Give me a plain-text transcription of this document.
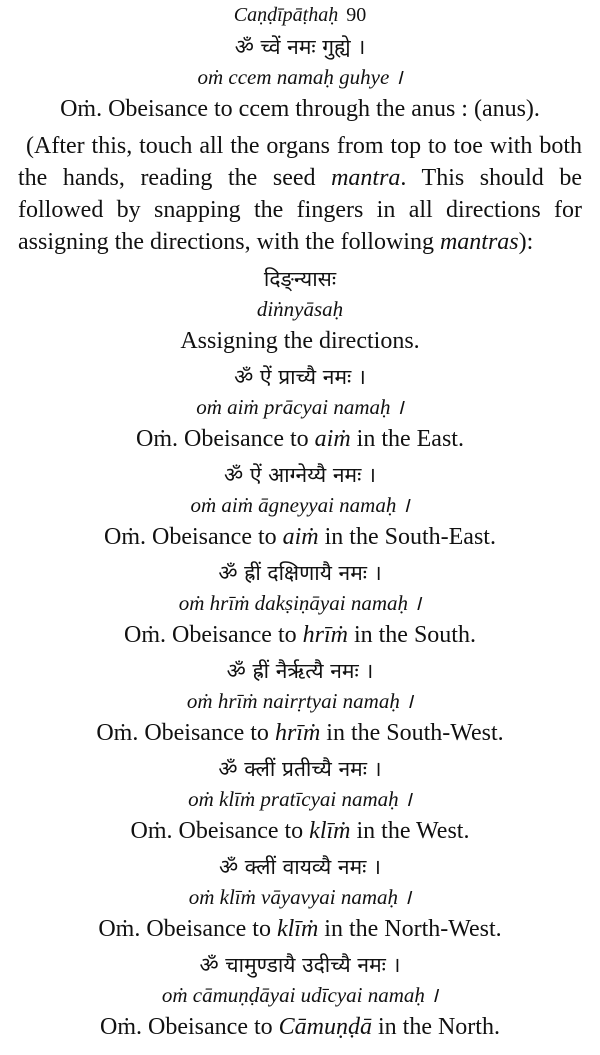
Caṇḍīpāṭhaḥ 90
ॐ च्वें नमः गुह्ये ।
oṁ ccem namaḥ guhye ।
Oṁ. Obeisance to ccem through the anus : (anus).
(After this, touch all the organs from top to toe with both the hands, reading the seed mantra. This should be followed by snapping the fingers in all directions for assigning the directions, with the following mantras):
दिङ्न्यासः
diṅnyāsaḥ
Assigning the directions.
ॐ ऐं प्राच्यै नमः ।
oṁ aiṁ prācyai namaḥ ।
Oṁ. Obeisance to aiṁ in the East.
ॐ ऐं आग्नेय्यै नमः ।
oṁ aiṁ āgneyyai namaḥ ।
Oṁ. Obeisance to aiṁ in the South-East.
ॐ ह्रीं दक्षिणायै नमः ।
oṁ hrīṁ dakṣiṇāyai namaḥ ।
Oṁ. Obeisance to hrīṁ in the South.
ॐ ह्रीं नैर्ऋत्यै नमः ।
oṁ hrīṁ nairṛtyai namaḥ ।
Oṁ. Obeisance to hrīṁ in the South-West.
ॐ क्लीं प्रतीच्यै नमः ।
oṁ klīṁ pratīcyai namaḥ ।
Oṁ. Obeisance to klīṁ in the West.
ॐ क्लीं वायव्यै नमः ।
oṁ klīṁ vāyavyai namaḥ ।
Oṁ. Obeisance to klīṁ in the North-West.
ॐ चामुण्डायै उदीच्यै नमः ।
oṁ cāmuṇḍāyai udīcyai namaḥ ।
Oṁ. Obeisance to Cāmuṇḍā in the North.
